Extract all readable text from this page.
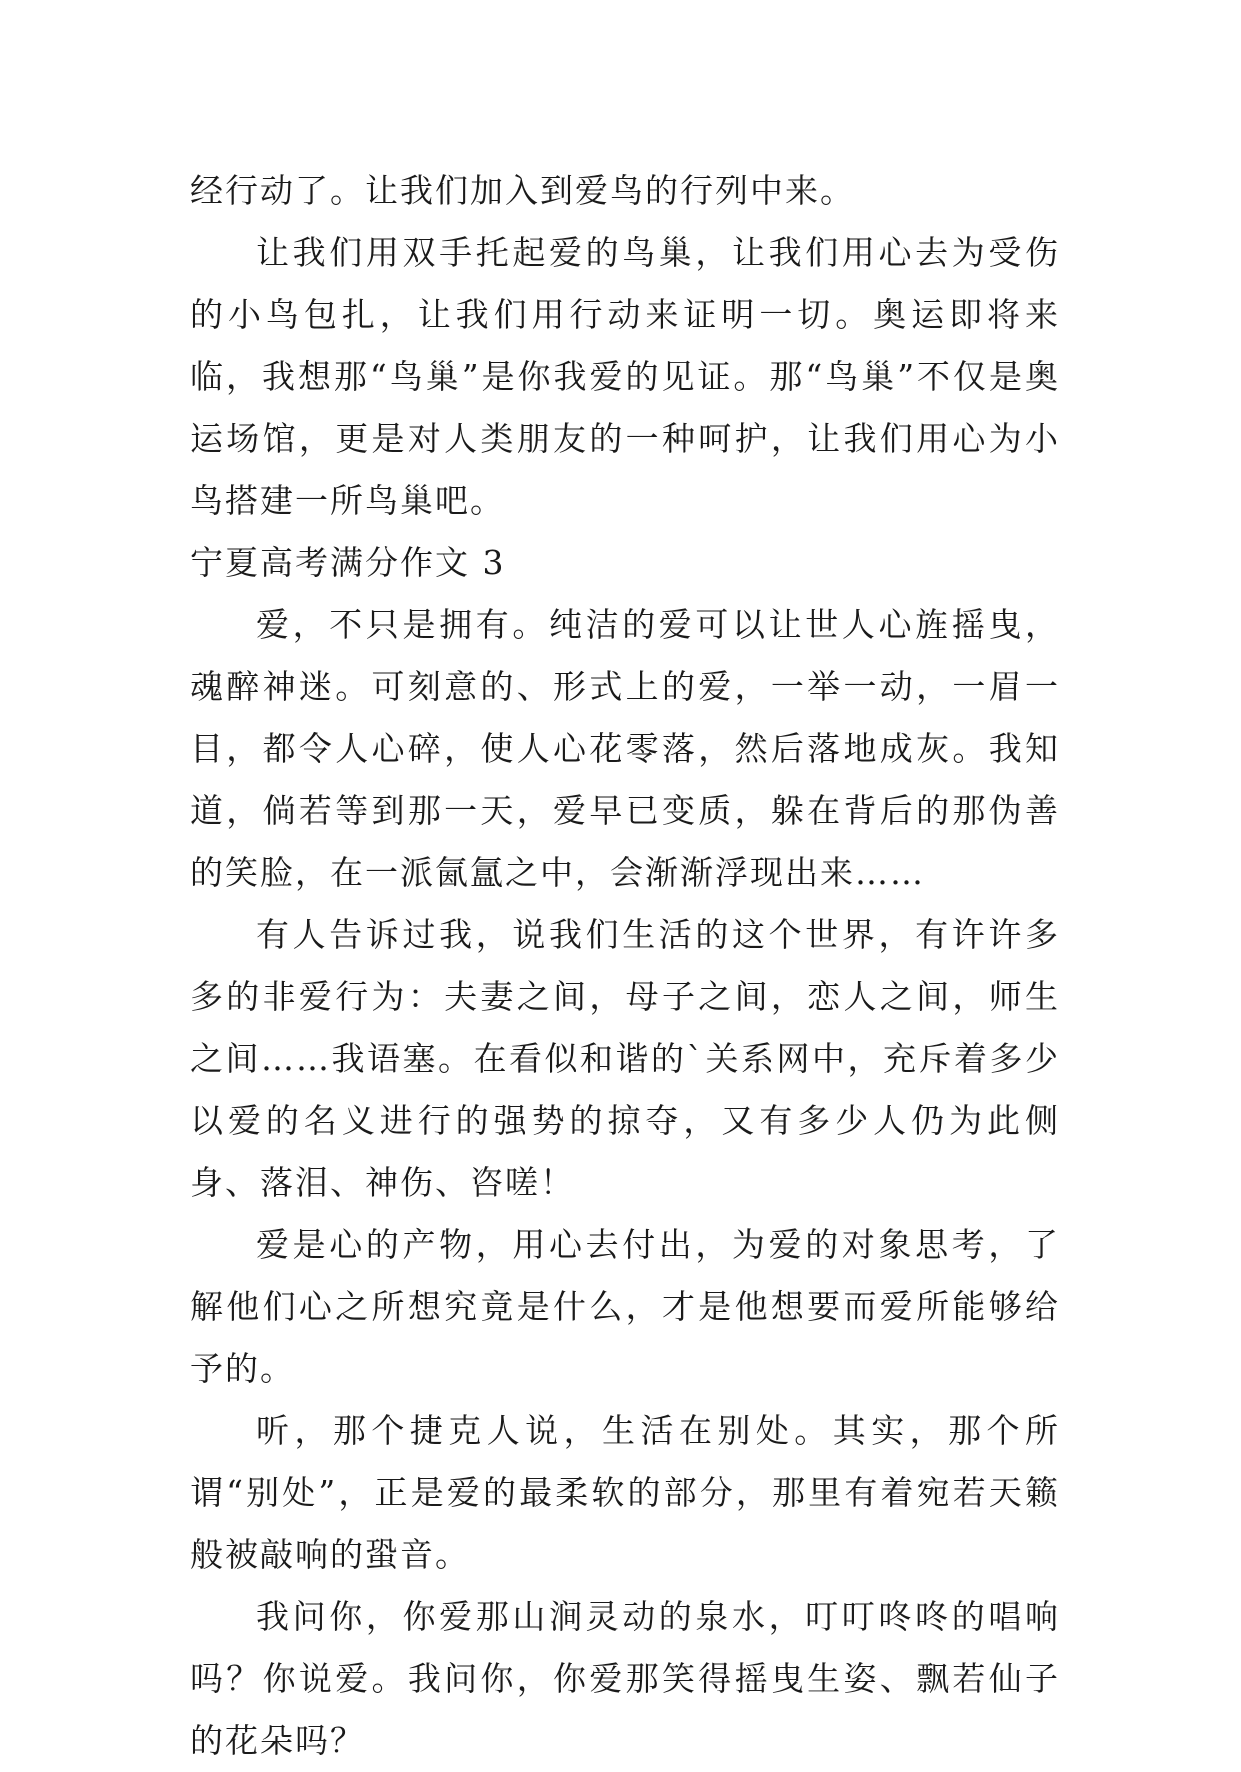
经行动了。让我们加入到爱鸟的行列中来。

让我们用双手托起爱的鸟巢，让我们用心去为受伤的小鸟包扎，让我们用行动来证明一切。奥运即将来临，我想那“鸟巢”是你我爱的见证。那“鸟巢”不仅是奥运场馆，更是对人类朋友的一种呵护，让我们用心为小鸟搭建一所鸟巢吧。

宁夏高考满分作文 3

爱，不只是拥有。纯洁的爱可以让世人心旌摇曳，魂醉神迷。可刻意的、形式上的爱，一举一动，一眉一目，都令人心碎，使人心花零落，然后落地成灰。我知道，倘若等到那一天，爱早已变质，躲在背后的那伪善的笑脸，在一派氤氲之中，会渐渐浮现出来……

有人告诉过我，说我们生活的这个世界，有许许多多的非爱行为：夫妻之间，母子之间，恋人之间，师生之间……我语塞。在看似和谐的`关系网中，充斥着多少以爱的名义进行的强势的掠夺，又有多少人仍为此侧身、落泪、神伤、咨嗟！

爱是心的产物，用心去付出，为爱的对象思考，了解他们心之所想究竟是什么，才是他想要而爱所能够给予的。

听，那个捷克人说，生活在别处。其实，那个所谓“别处”，正是爱的最柔软的部分，那里有着宛若天籁般被敲响的蛩音。

我问你，你爱那山涧灵动的泉水，叮叮咚咚的唱响吗？你说爱。我问你，你爱那笑得摇曳生姿、飘若仙子的花朵吗？
